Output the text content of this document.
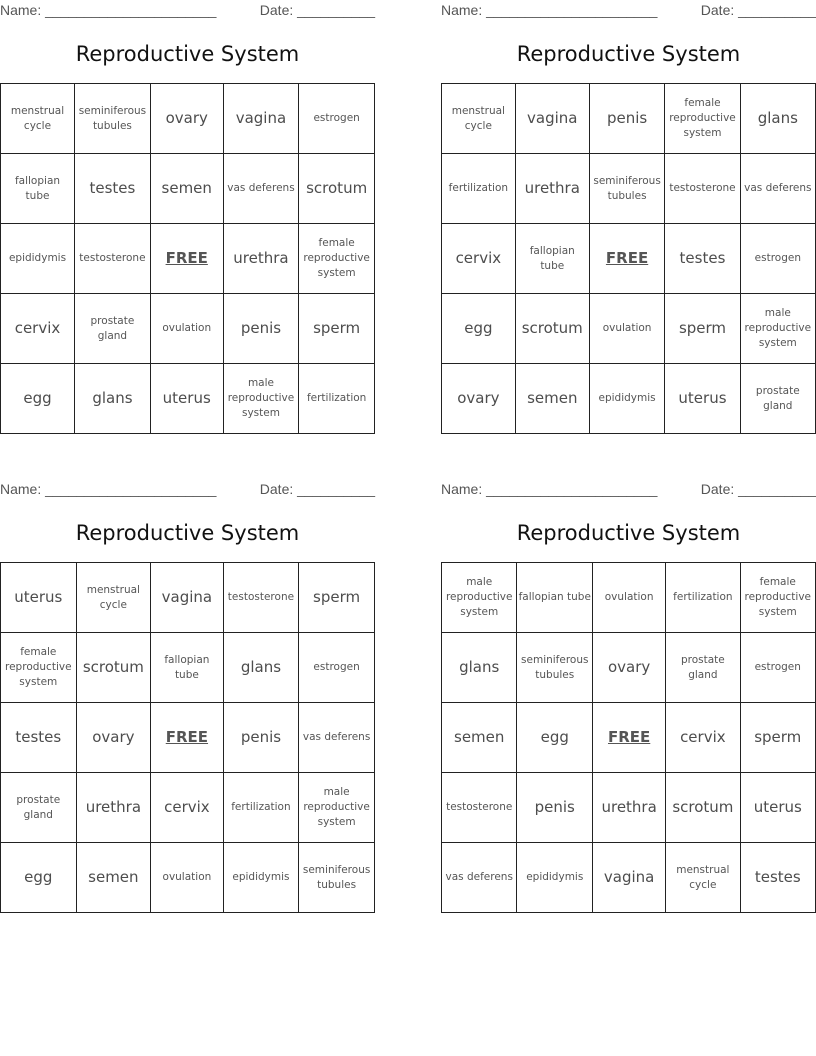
Name: ______________________	Date: __________
Reproductive System
menstrual cycle	seminiferous tubules	ovary	vagina	estrogen
fallopian tube	testes	semen	vas deferens	scrotum
epididymis	testosterone	FREE	urethra	female reproductive system
cervix	prostate gland	ovulation	penis	sperm
egg	glans	uterus	male reproductive system	fertilization
Name: ______________________	Date: __________
Reproductive System
menstrual cycle	vagina	penis	female reproductive system	glans
fertilization	urethra	seminiferous tubules	testosterone	vas deferens
cervix	fallopian tube	FREE	testes	estrogen
egg	scrotum	ovulation	sperm	male reproductive system
ovary	semen	epididymis	uterus	prostate gland
Name: ______________________	Date: __________
Reproductive System
uterus	menstrual cycle	vagina	testosterone	sperm
female reproductive system	scrotum	fallopian tube	glans	estrogen
testes	ovary	FREE	penis	vas deferens
prostate gland	urethra	cervix	fertilization	male reproductive system
egg	semen	ovulation	epididymis	seminiferous tubules
Name: ______________________	Date: __________
Reproductive System
male reproductive system	fallopian tube	ovulation	fertilization	female reproductive system
glans	seminiferous tubules	ovary	prostate gland	estrogen
semen	egg	FREE	cervix	sperm
testosterone	penis	urethra	scrotum	uterus
vas deferens	epididymis	vagina	menstrual cycle	testes
